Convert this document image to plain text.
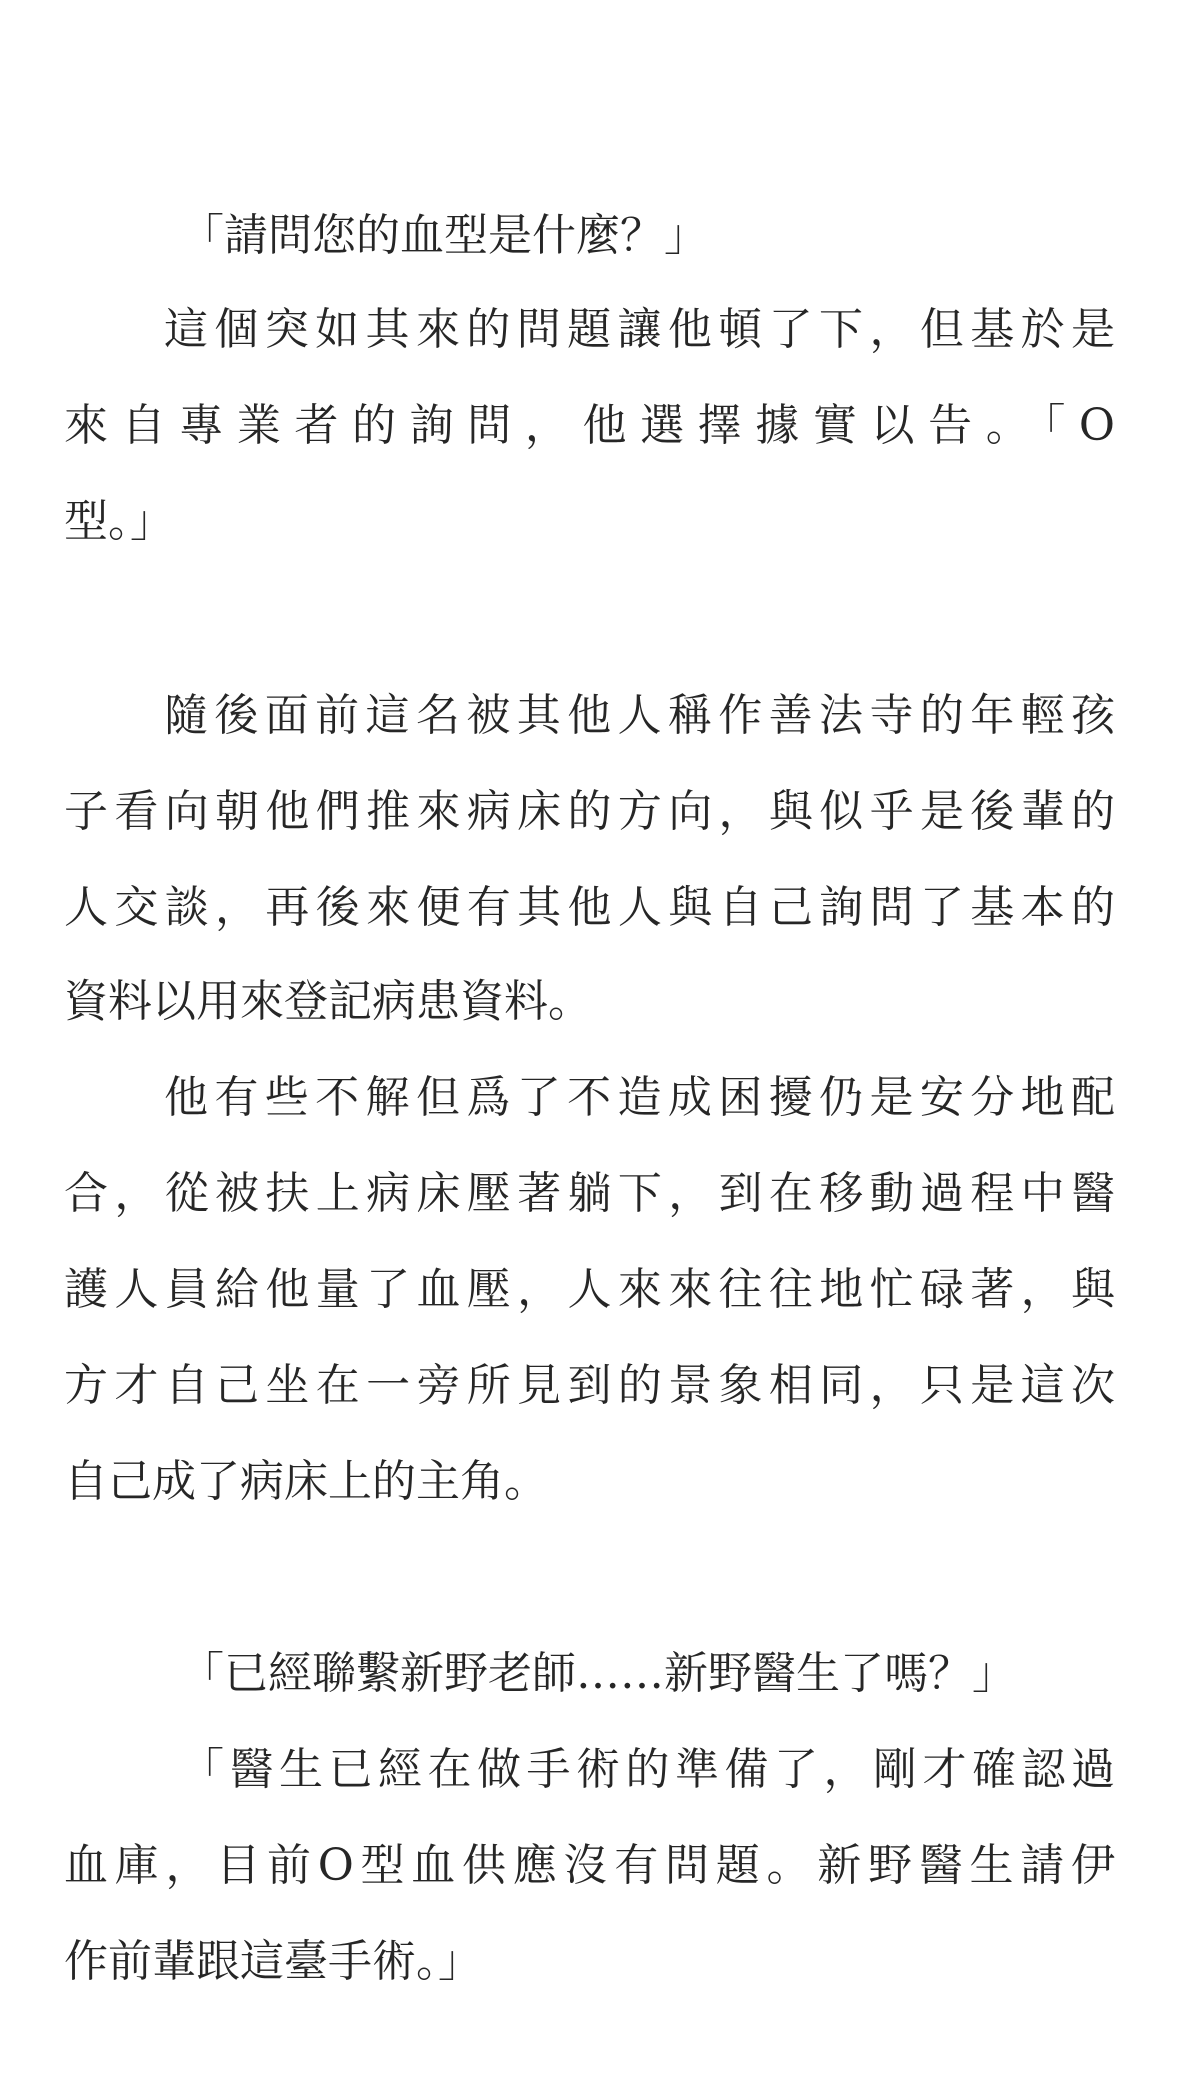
「請問您的血型是什麼？」
這個突如其來的問題讓他頓了下，但基於是
來自專業者的詢問，他選擇據實以告。「O
型。」
隨後面前這名被其他人稱作善法寺的年輕孩
子看向朝他們推來病床的方向，與似乎是後輩的
人交談，再後來便有其他人與自己詢問了基本的
資料以用來登記病患資料。
他有些不解但爲了不造成困擾仍是安分地配
合，從被扶上病床壓著躺下，到在移動過程中醫
護人員給他量了血壓，人來來往往地忙碌著，與
方才自己坐在一旁所見到的景象相同，只是這次
自己成了病床上的主角。
「已經聯繫新野老師……新野醫生了嗎？」
「醫生已經在做手術的準備了，剛才確認過
血庫，目前O型血供應沒有問題。新野醫生請伊
作前輩跟這臺手術。」
